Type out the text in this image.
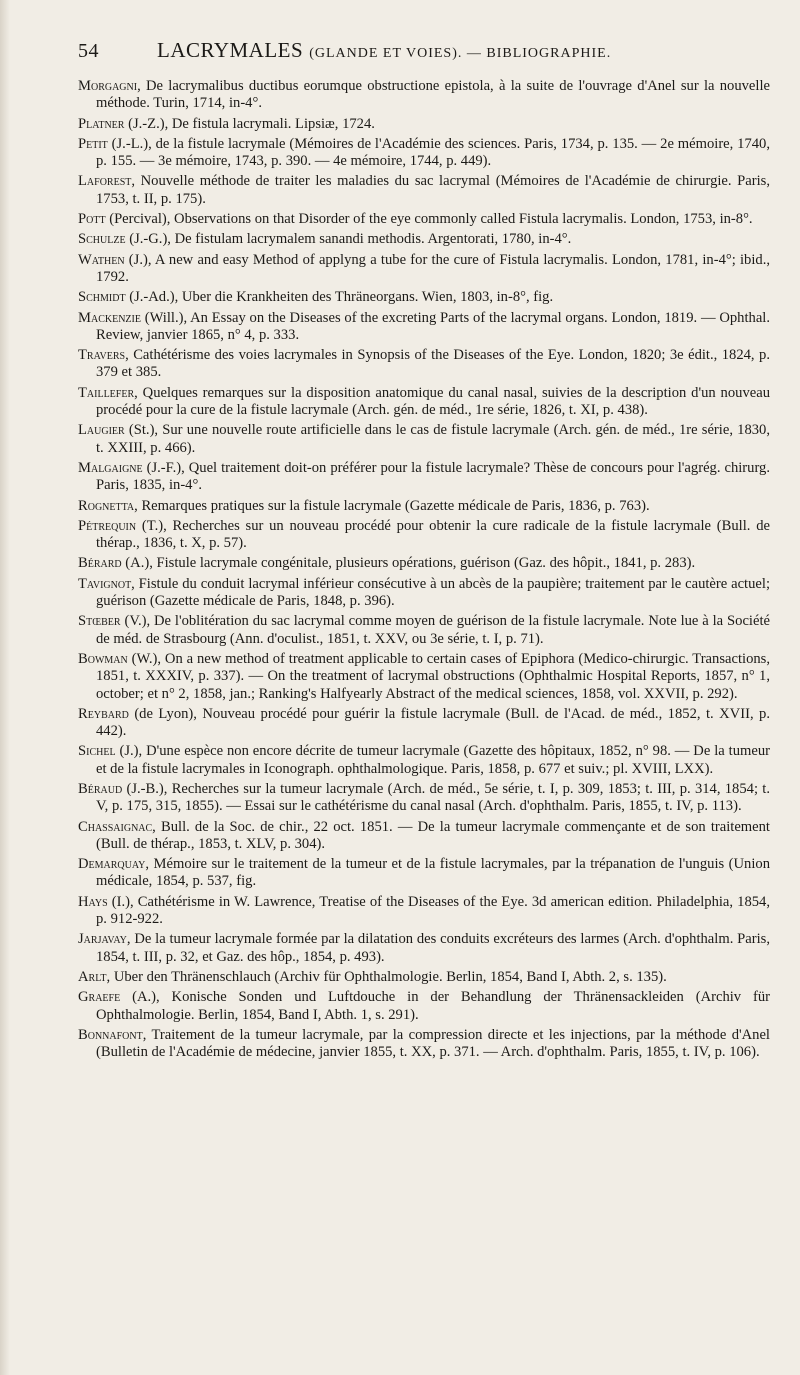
54	LACRYMALES (GLANDE ET VOIES). — BIBLIOGRAPHIE.

Morgagni, De lacrymalibus ductibus eorumque obstructione epistola, à la suite de l'ouvrage d'Anel sur la nouvelle méthode. Turin, 1714, in-4°.

Platner (J.-Z.), De fistula lacrymali. Lipsiæ, 1724.

Petit (J.-L.), de la fistule lacrymale (Mémoires de l'Académie des sciences. Paris, 1734, p. 135. — 2e mémoire, 1740, p. 155. — 3e mémoire, 1743, p. 390. — 4e mémoire, 1744, p. 449).

Laforest, Nouvelle méthode de traiter les maladies du sac lacrymal (Mémoires de l'Académie de chirurgie. Paris, 1753, t. II, p. 175).

Pott (Percival), Observations on that Disorder of the eye commonly called Fistula lacrymalis. London, 1753, in-8°.

Schulze (J.-G.), De fistulam lacrymalem sanandi methodis. Argentorati, 1780, in-4°.

Wathen (J.), A new and easy Method of applyng a tube for the cure of Fistula lacrymalis. London, 1781, in-4°; ibid., 1792.

Schmidt (J.-Ad.), Uber die Krankheiten des Thräneorgans. Wien, 1803, in-8°, fig.

Mackenzie (Will.), An Essay on the Diseases of the excreting Parts of the lacrymal organs. London, 1819. — Ophthal. Review, janvier 1865, n° 4, p. 333.

Travers, Cathétérisme des voies lacrymales in Synopsis of the Diseases of the Eye. London, 1820; 3e édit., 1824, p. 379 et 385.

Taillefer, Quelques remarques sur la disposition anatomique du canal nasal, suivies de la description d'un nouveau procédé pour la cure de la fistule lacrymale (Arch. gén. de méd., 1re série, 1826, t. XI, p. 438).

Laugier (St.), Sur une nouvelle route artificielle dans le cas de fistule lacrymale (Arch. gén. de méd., 1re série, 1830, t. XXIII, p. 466).

Malgaigne (J.-F.), Quel traitement doit-on préférer pour la fistule lacrymale? Thèse de concours pour l'agrég. chirurg. Paris, 1835, in-4°.

Rognetta, Remarques pratiques sur la fistule lacrymale (Gazette médicale de Paris, 1836, p. 763).

Pétrequin (T.), Recherches sur un nouveau procédé pour obtenir la cure radicale de la fistule lacrymale (Bull. de thérap., 1836, t. X, p. 57).

Bérard (A.), Fistule lacrymale congénitale, plusieurs opérations, guérison (Gaz. des hôpit., 1841, p. 283).

Tavignot, Fistule du conduit lacrymal inférieur consécutive à un abcès de la paupière; traitement par le cautère actuel; guérison (Gazette médicale de Paris, 1848, p. 396).

Stœber (V.), De l'oblitération du sac lacrymal comme moyen de guérison de la fistule lacrymale. Note lue à la Société de méd. de Strasbourg (Ann. d'oculist., 1851, t. XXV, ou 3e série, t. I, p. 71).

Bowman (W.), On a new method of treatment applicable to certain cases of Epiphora (Medico-chirurgic. Transactions, 1851, t. XXXIV, p. 337). — On the treatment of lacrymal obstructions (Ophthalmic Hospital Reports, 1857, n° 1, october; et n° 2, 1858, jan.; Ranking's Halfyearly Abstract of the medical sciences, 1858, vol. XXVII, p. 292).

Reybard (de Lyon), Nouveau procédé pour guérir la fistule lacrymale (Bull. de l'Acad. de méd., 1852, t. XVII, p. 442).

Sichel (J.), D'une espèce non encore décrite de tumeur lacrymale (Gazette des hôpitaux, 1852, n° 98. — De la tumeur et de la fistule lacrymales in Iconograph. ophthalmologique. Paris, 1858, p. 677 et suiv.; pl. XVIII, LXX).

Béraud (J.-B.), Recherches sur la tumeur lacrymale (Arch. de méd., 5e série, t. I, p. 309, 1853; t. III, p. 314, 1854; t. V, p. 175, 315, 1855). — Essai sur le cathétérisme du canal nasal (Arch. d'ophthalm. Paris, 1855, t. IV, p. 113).

Chassaignac, Bull. de la Soc. de chir., 22 oct. 1851. — De la tumeur lacrymale commençante et de son traitement (Bull. de thérap., 1853, t. XLV, p. 304).

Demarquay, Mémoire sur le traitement de la tumeur et de la fistule lacrymales, par la trépanation de l'unguis (Union médicale, 1854, p. 537, fig.

Hays (I.), Cathétérisme in W. Lawrence, Treatise of the Diseases of the Eye. 3d american edition. Philadelphia, 1854, p. 912-922.

Jarjavay, De la tumeur lacrymale formée par la dilatation des conduits excréteurs des larmes (Arch. d'ophthalm. Paris, 1854, t. III, p. 32, et Gaz. des hôp., 1854, p. 493).

Arlt, Uber den Thränenschlauch (Archiv für Ophthalmologie. Berlin, 1854, Band I, Abth. 2, s. 135).

Graefe (A.), Konische Sonden und Luftdouche in der Behandlung der Thränensackleiden (Archiv für Ophthalmologie. Berlin, 1854, Band I, Abth. 1, s. 291).

Bonnafont, Traitement de la tumeur lacrymale, par la compression directe et les injections, par la méthode d'Anel (Bulletin de l'Académie de médecine, janvier 1855, t. XX, p. 371. — Arch. d'ophthalm. Paris, 1855, t. IV, p. 106).
